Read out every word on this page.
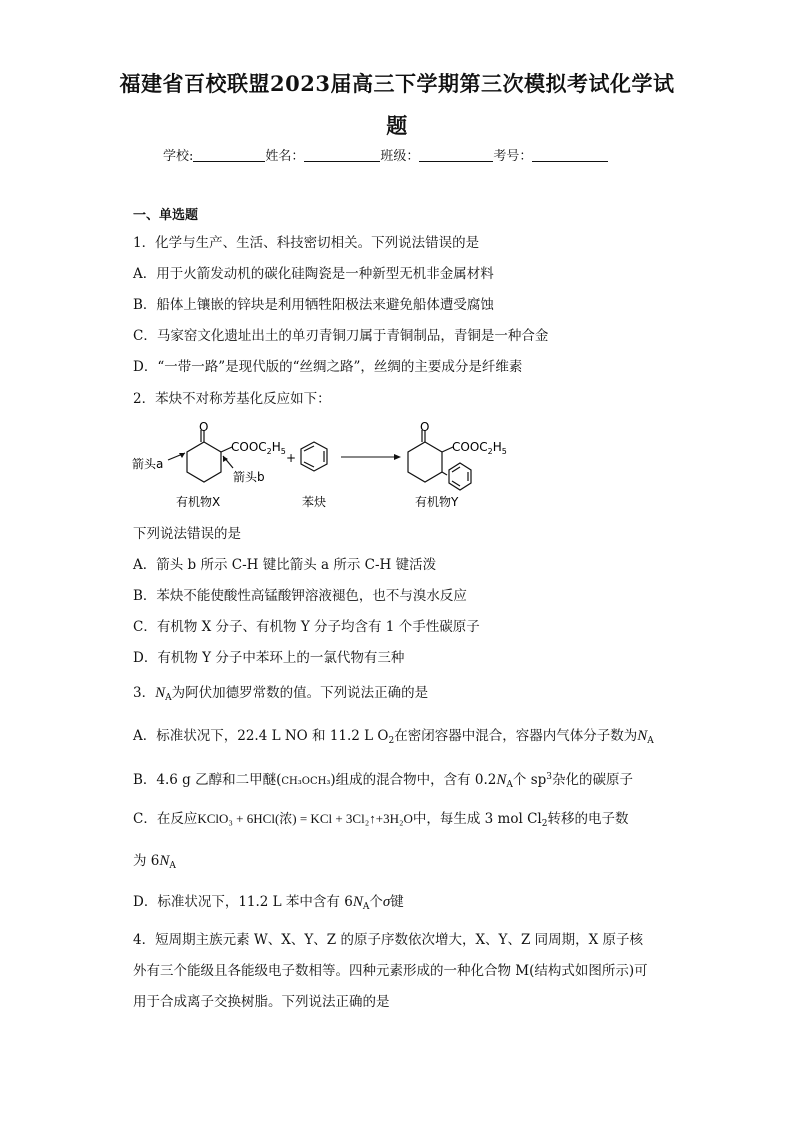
福建省百校联盟2023届高三下学期第三次模拟考试化学试
题
学校:	姓名：	班级：	考号：
一、单选题
1．化学与生产、生活、科技密切相关。下列说法错误的是
A．用于火箭发动机的碳化硅陶瓷是一种新型无机非金属材料
B．船体上镶嵌的锌块是利用牺牲阳极法来避免船体遭受腐蚀
C．马家窑文化遗址出土的单刃青铜刀属于青铜制品，青铜是一种合金
D．“一带一路”是现代版的“丝绸之路”，丝绸的主要成分是纤维素
2．苯炔不对称芳基化反应如下：
O
$COOC_2H_5$
箭头a
箭头b
+
O
$COOC_2H_5$
有机物X	苯炔	有机物Y
下列说法错误的是
A．箭头 b 所示 C-H 键比箭头 a 所示 C-H 键活泼
B．苯炔不能使酸性高锰酸钾溶液褪色，也不与溴水反应
C．有机物 X 分子、有机物 Y 分子均含有 1 个手性碳原子
D．有机物 Y 分子中苯环上的一氯代物有三种
3．$N_A$为阿伏加德罗常数的值。下列说法正确的是
A．标准状况下，22.4 L NO 和 11.2 L $O_2$在密闭容器中混合，容器内气体分子数为$N_A$
B．4.6 g 乙醇和二甲醚(CH₃OCH₃)组成的混合物中，含有 $0.2N_A$个 $sp^3$杂化的碳原子
C．在反应KClO₃ + 6HCl(浓) = KCl + 3Cl₂↑+3H₂O中，每生成 3 mol $Cl_2$转移的电子数
为 $6N_A$
D．标准状况下，11.2 L 苯中含有 $6N_A$个σ键
4．短周期主族元素 W、X、Y、Z 的原子序数依次增大，X、Y、Z 同周期，X 原子核
外有三个能级且各能级电子数相等。四种元素形成的一种化合物 M(结构式如图所示)可
用于合成离子交换树脂。下列说法正确的是
